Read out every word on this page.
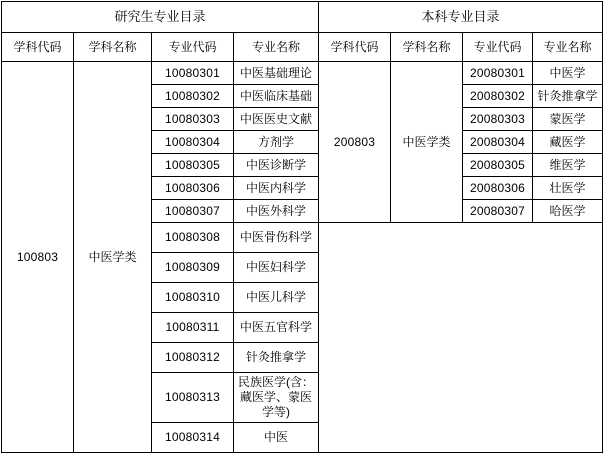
研究生专业目录				本科专业目录			
学科代码	学科名称	专业代码	专业名称	学科代码	学科名称	专业代码	专业名称
100803	中医学类	10080301	中医基础理论	200803	中医学类	20080301	中医学
		10080302	中医临床基础			20080302	针灸推拿学
		10080303	中医医史文献			20080303	蒙医学
		10080304	方剂学			20080304	藏医学
		10080305	中医诊断学			20080305	维医学
		10080306	中医内科学			20080306	壮医学
		10080307	中医外科学			20080307	哈医学
		10080308	中医骨伤科学				
		10080309	中医妇科学				
		10080310	中医儿科学				
		10080311	中医五官科学				
		10080312	针灸推拿学				
		10080313	民族医学(含：藏医学、蒙医学等)				
		10080314	中医				
